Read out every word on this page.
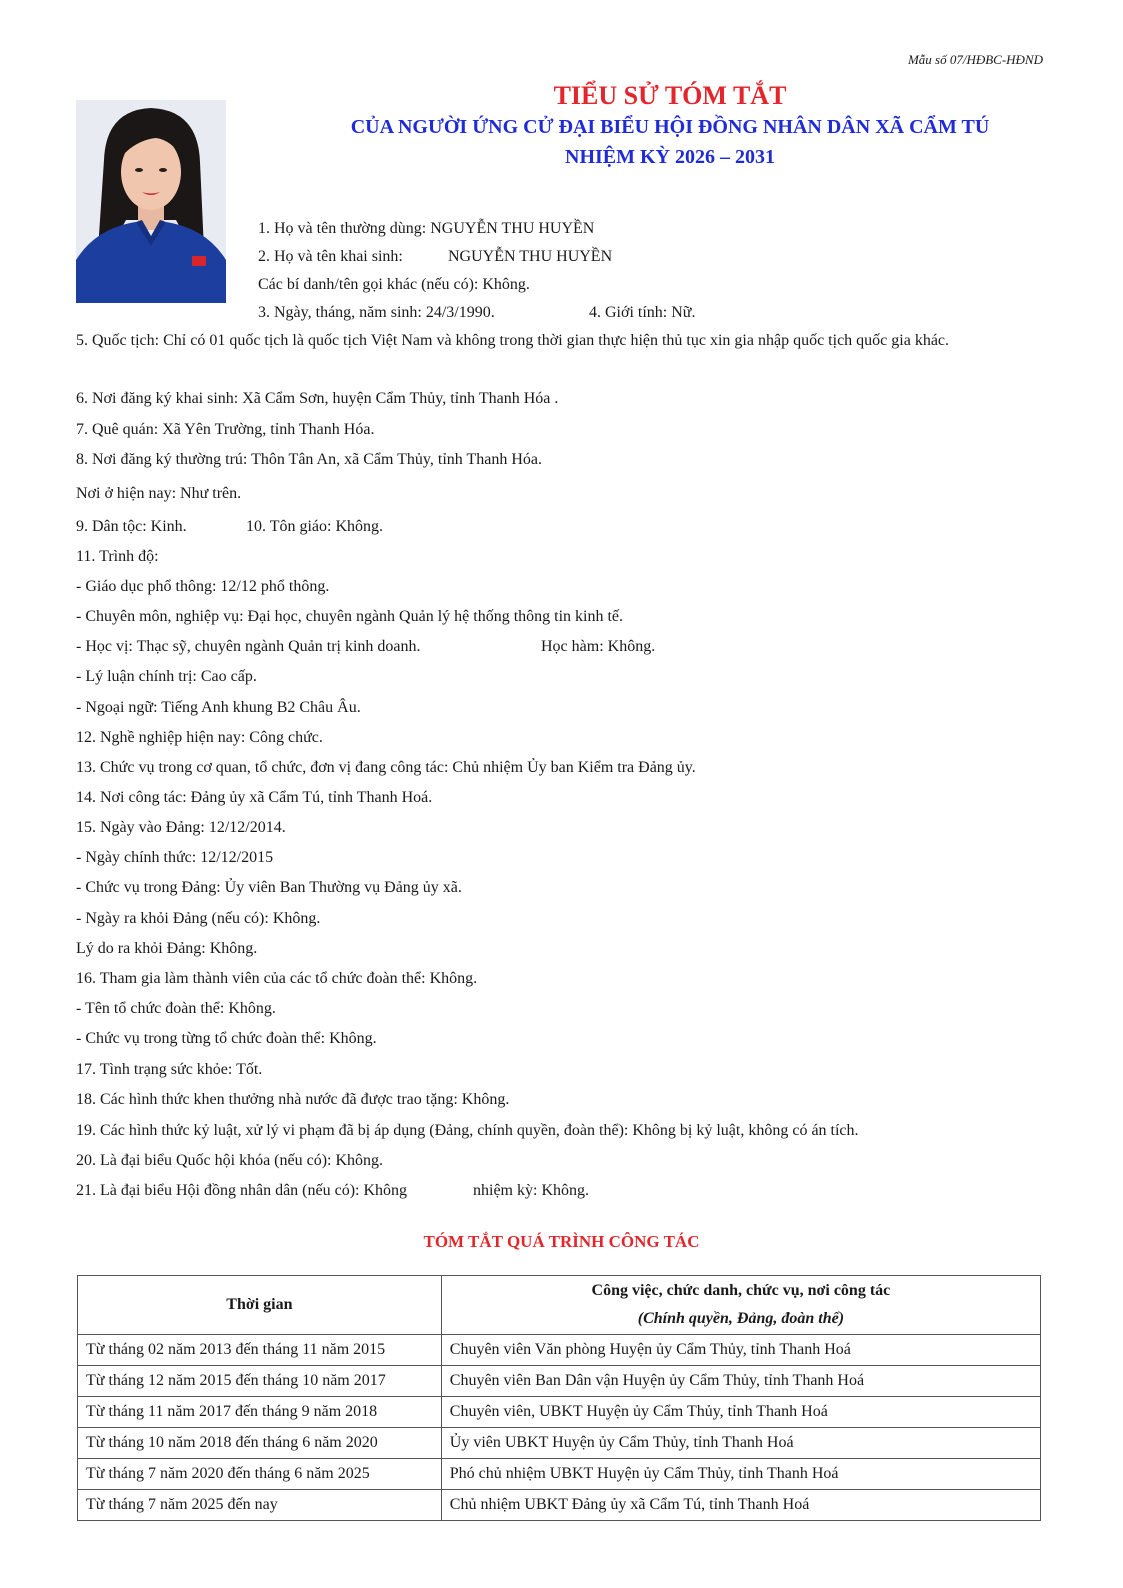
Mẫu số 07/HĐBC-HĐND
TIỂU SỬ TÓM TẮT
CỦA NGƯỜI ỨNG CỬ ĐẠI BIỂU HỘI ĐỒNG NHÂN DÂN XÃ CẨM TÚ
NHIỆM KỲ 2026 – 2031
1. Họ và tên thường dùng: NGUYỄN THU HUYỀN
2. Họ và tên khai sinh:	NGUYỄN THU HUYỀN
Các bí danh/tên gọi khác (nếu có): Không.
3. Ngày, tháng, năm sinh: 24/3/1990.	4. Giới tính: Nữ.
5. Quốc tịch: Chỉ có 01 quốc tịch là quốc tịch Việt Nam và không trong thời gian thực hiện thủ tục xin gia nhập quốc tịch quốc gia khác.
6. Nơi đăng ký khai sinh: Xã Cẩm Sơn, huyện Cẩm Thủy, tỉnh Thanh Hóa .
7. Quê quán: Xã Yên Trường, tỉnh Thanh Hóa.
8. Nơi đăng ký thường trú: Thôn Tân An, xã Cẩm Thủy, tỉnh Thanh Hóa.
Nơi ở hiện nay: Như trên.
9. Dân tộc: Kinh.	10. Tôn giáo: Không.
11. Trình độ:
- Giáo dục phổ thông: 12/12 phổ thông.
- Chuyên môn, nghiệp vụ: Đại học, chuyên ngành Quản lý hệ thống thông tin kinh tế.
- Học vị: Thạc sỹ, chuyên ngành Quản trị kinh doanh.	Học hàm: Không.
- Lý luận chính trị: Cao cấp.
- Ngoại ngữ: Tiếng Anh khung B2 Châu Âu.
12. Nghề nghiệp hiện nay: Công chức.
13. Chức vụ trong cơ quan, tổ chức, đơn vị đang công tác: Chủ nhiệm Ủy ban Kiểm tra Đảng ủy.
14. Nơi công tác: Đảng ủy xã Cẩm Tú, tỉnh Thanh Hoá.
15. Ngày vào Đảng: 12/12/2014.
- Ngày chính thức: 12/12/2015
- Chức vụ trong Đảng: Ủy viên Ban Thường vụ Đảng ủy xã.
- Ngày ra khỏi Đảng (nếu có): Không.
Lý do ra khỏi Đảng: Không.
16. Tham gia làm thành viên của các tổ chức đoàn thể: Không.
- Tên tổ chức đoàn thể: Không.
- Chức vụ trong từng tổ chức đoàn thể: Không.
17. Tình trạng sức khỏe: Tốt.
18. Các hình thức khen thưởng nhà nước đã được trao tặng: Không.
19. Các hình thức kỷ luật, xử lý vi phạm đã bị áp dụng (Đảng, chính quyền, đoàn thể): Không bị kỷ luật, không có án tích.
20. Là đại biểu Quốc hội khóa (nếu có): Không.
21. Là đại biểu Hội đồng nhân dân (nếu có): Không	nhiệm kỳ: Không.
TÓM TẮT QUÁ TRÌNH CÔNG TÁC
Thời gian	Công việc, chức danh, chức vụ, nơi công tác
(Chính quyền, Đảng, đoàn thể)

Từ tháng 02 năm 2013 đến tháng 11 năm 2015	Chuyên viên Văn phòng Huyện ủy Cẩm Thủy, tỉnh Thanh Hoá
Từ tháng 12 năm 2015 đến tháng 10 năm 2017	Chuyên viên Ban Dân vận Huyện ủy Cẩm Thủy, tỉnh Thanh Hoá
Từ tháng 11 năm 2017 đến tháng 9 năm 2018	Chuyên viên, UBKT Huyện ủy Cẩm Thủy, tỉnh Thanh Hoá
Từ tháng 10 năm 2018 đến tháng 6 năm 2020	Ủy viên UBKT Huyện ủy Cẩm Thủy, tỉnh Thanh Hoá
Từ tháng 7 năm 2020 đến tháng 6 năm 2025	Phó chủ nhiệm UBKT Huyện ủy Cẩm Thủy, tỉnh Thanh Hoá
Từ tháng 7 năm 2025 đến nay	Chủ nhiệm UBKT Đảng ủy xã Cẩm Tú, tỉnh Thanh Hoá
